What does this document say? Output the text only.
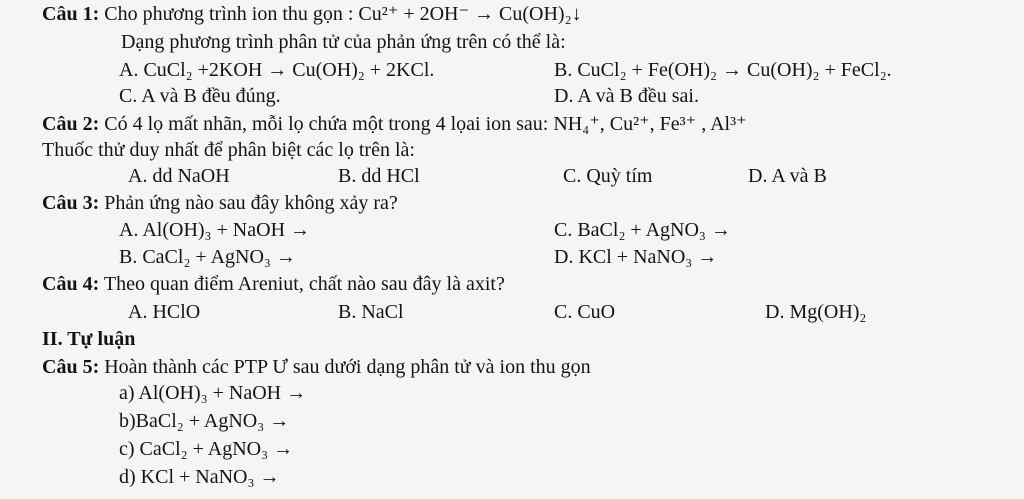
Câu 1: Cho phương trình ion thu gọn : Cu²⁺ + 2OH⁻ → Cu(OH)₂↓
Dạng phương trình phân tử của phản ứng trên có thể là:
A. CuCl₂ +2KOH → Cu(OH)₂ + 2KCl.	B. CuCl₂ + Fe(OH)₂ → Cu(OH)₂ + FeCl₂.
C. A và B đều đúng.	D. A và B đều sai.
Câu 2: Có 4 lọ mất nhãn, mỗi lọ chứa một trong 4 lọai ion sau: NH₄⁺, Cu²⁺, Fe³⁺ , Al³⁺
Thuốc thử duy nhất để phân biệt các lọ trên là:
A. dd NaOH	B. dd HCl	C. Quỳ tím	D. A và B
Câu 3: Phản ứng nào sau đây không xảy ra?
A. Al(OH)₃ + NaOH →	C. BaCl₂ + AgNO₃ →
B. CaCl₂ + AgNO₃ →	D. KCl + NaNO₃ →
Câu 4: Theo quan điểm Areniut, chất nào sau đây là axit?
A. HClO	B. NaCl	C. CuO	D. Mg(OH)₂
II. Tự luận
Câu 5: Hoàn thành các PTP Ư sau dưới dạng phân tử và ion thu gọn
a) Al(OH)₃ + NaOH →
b)BaCl₂ + AgNO₃ →
c) CaCl₂ + AgNO₃ →
d) KCl + NaNO₃ →
